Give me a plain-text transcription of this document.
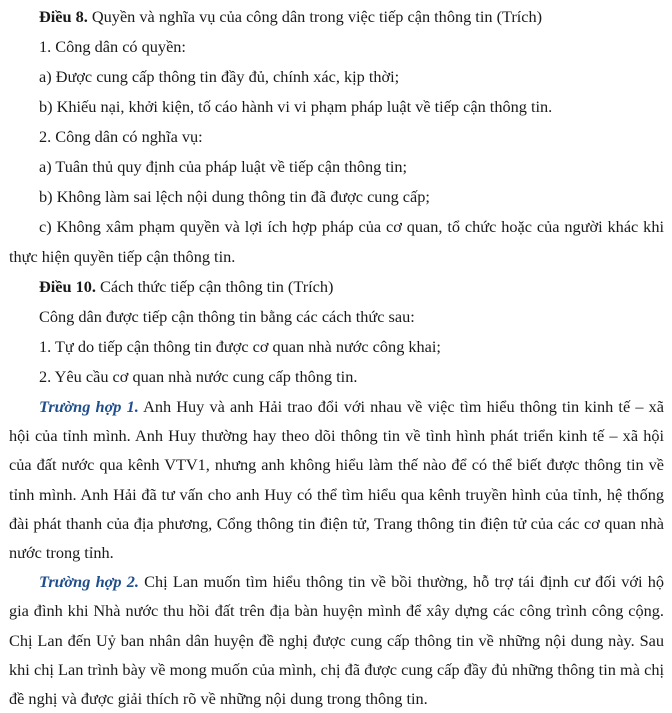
Điều 8. Quyền và nghĩa vụ của công dân trong việc tiếp cận thông tin (Trích)

1. Công dân có quyền:

a) Được cung cấp thông tin đầy đủ, chính xác, kịp thời;

b) Khiếu nại, khởi kiện, tố cáo hành vi vi phạm pháp luật về tiếp cận thông tin.

2. Công dân có nghĩa vụ:

a) Tuân thủ quy định của pháp luật về tiếp cận thông tin;

b) Không làm sai lệch nội dung thông tin đã được cung cấp;

c) Không xâm phạm quyền và lợi ích hợp pháp của cơ quan, tổ chức hoặc của người khác khi thực hiện quyền tiếp cận thông tin.

Điều 10. Cách thức tiếp cận thông tin (Trích)

Công dân được tiếp cận thông tin bằng các cách thức sau:

1. Tự do tiếp cận thông tin được cơ quan nhà nước công khai;

2. Yêu cầu cơ quan nhà nước cung cấp thông tin.

Trường hợp 1. Anh Huy và anh Hải trao đổi với nhau về việc tìm hiểu thông tin kinh tế – xã hội của tỉnh mình. Anh Huy thường hay theo dõi thông tin về tình hình phát triển kinh tế – xã hội của đất nước qua kênh VTV1, nhưng anh không hiểu làm thế nào để có thể biết được thông tin về tỉnh mình. Anh Hải đã tư vấn cho anh Huy có thể tìm hiểu qua kênh truyền hình của tỉnh, hệ thống đài phát thanh của địa phương, Cổng thông tin điện tử, Trang thông tin điện tử của các cơ quan nhà nước trong tỉnh.

Trường hợp 2. Chị Lan muốn tìm hiểu thông tin về bồi thường, hỗ trợ tái định cư đối với hộ gia đình khi Nhà nước thu hồi đất trên địa bàn huyện mình để xây dựng các công trình công cộng. Chị Lan đến Uỷ ban nhân dân huyện đề nghị được cung cấp thông tin về những nội dung này. Sau khi chị Lan trình bày về mong muốn của mình, chị đã được cung cấp đầy đủ những thông tin mà chị đề nghị và được giải thích rõ về những nội dung trong thông tin.
